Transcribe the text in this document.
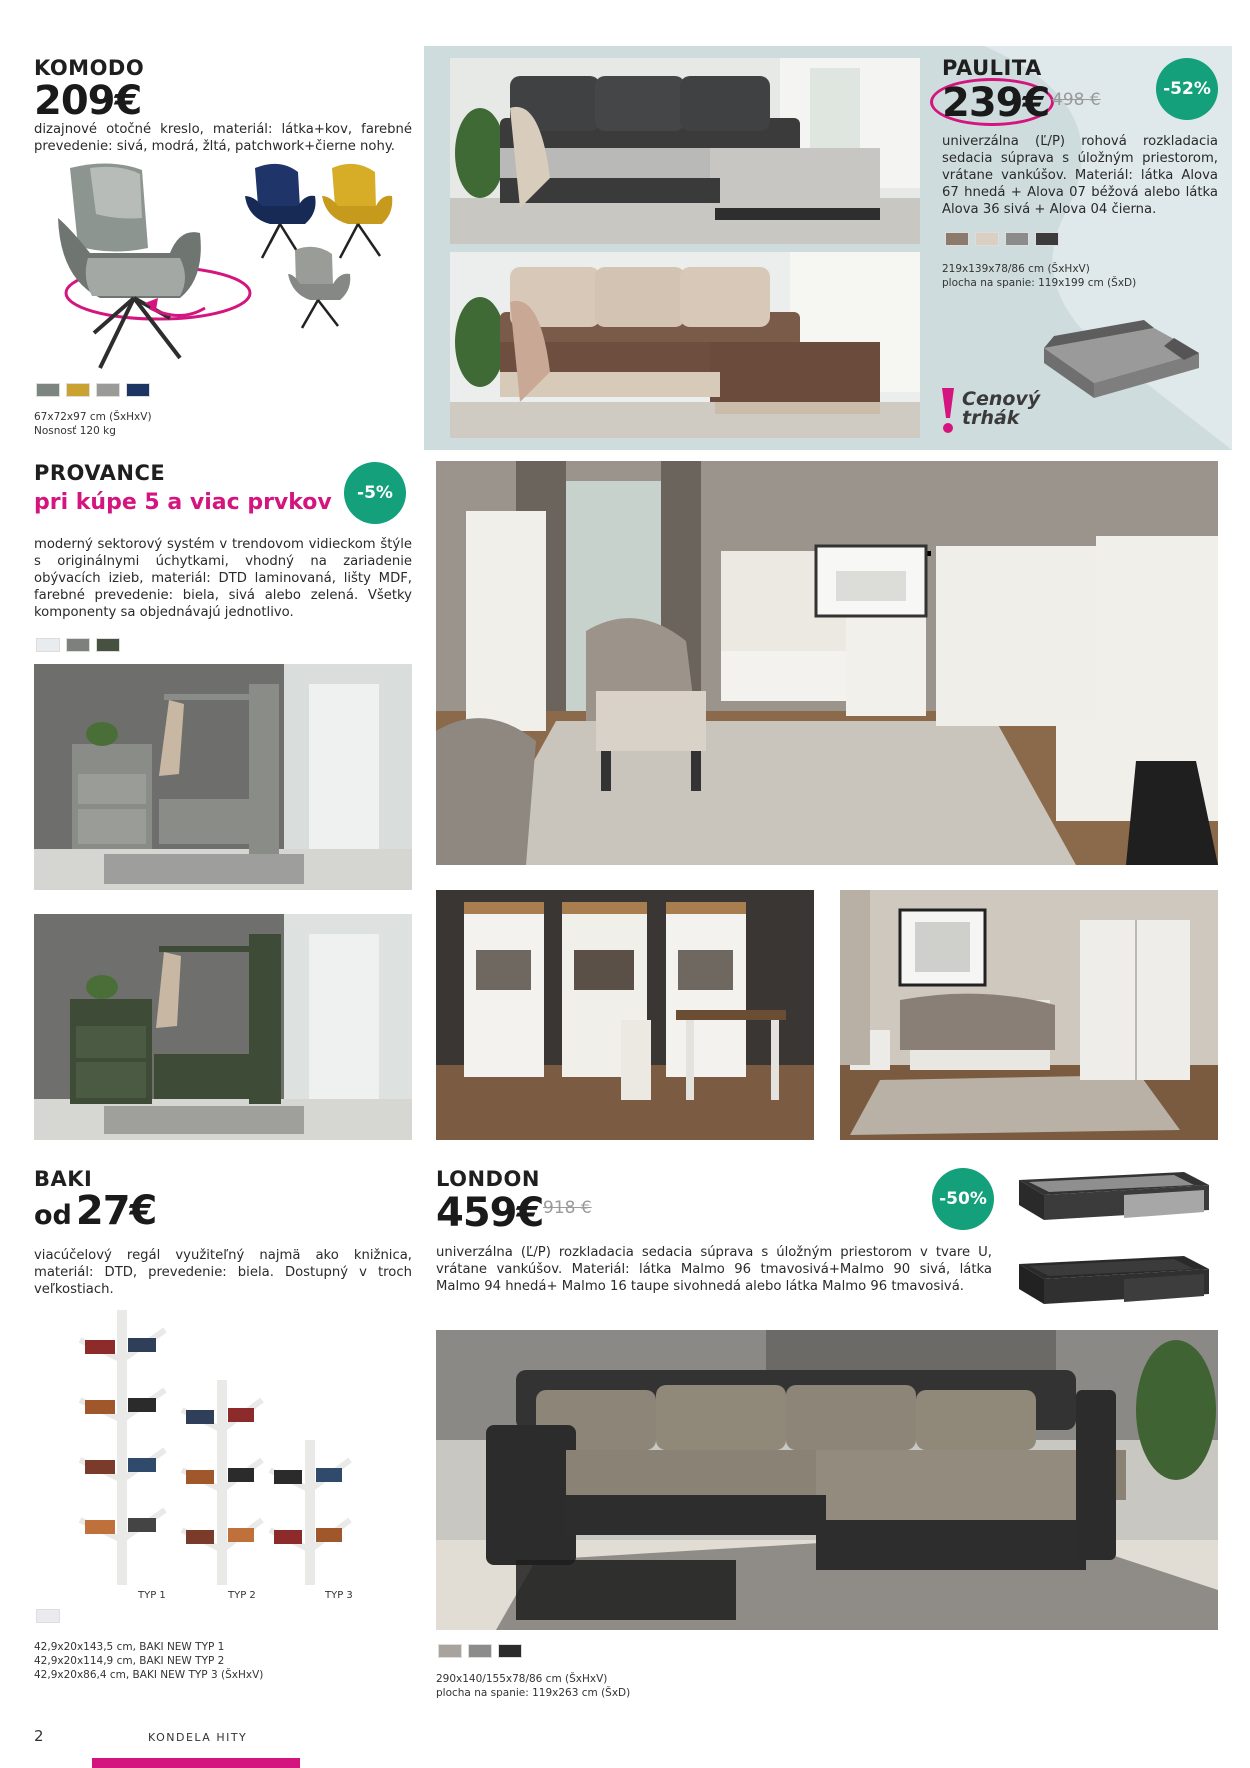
KOMODO
209€
dizajnové otočné kreslo, materiál: látka+kov, farebné prevedenie: sivá, modrá, žltá, patchwork+čierne nohy.
67x72x97 cm (ŠxHxV)
Nosnosť 120 kg
PAULITA
239€ 498 €
-52%
univerzálna (Ľ/P) rohová rozkladacia sedacia súprava s úložným priestorom, vrátane vankúšov. Materiál: látka Alova 67 hnedá + Alova 07 béžová alebo látka Alova 36 sivá + Alova 04 čierna.
219x139x78/86 cm (ŠxHxV)
plocha na spanie: 119x199 cm (ŠxD)
Cenový
trhák
PROVANCE
pri kúpe 5 a viac prvkov	-5%
moderný sektorový systém v trendovom vidieckom štýle s originálnymi úchytkami, vhodný na zariadenie obývacích izieb, materiál: DTD laminovaná, lišty MDF, farebné prevedenie: biela, sivá alebo zelená. Všetky komponenty sa objednávajú jednotlivo.
BAKI
od 27€
viacúčelový regál využiteľný najmä ako knižnica, materiál: DTD, prevedenie: biela. Dostupný v troch veľkostiach.
TYP 1	TYP 2	TYP 3
42,9x20x143,5 cm, BAKI NEW TYP 1
42,9x20x114,9 cm, BAKI NEW TYP 2
42,9x20x86,4 cm, BAKI NEW TYP 3 (ŠxHxV)
LONDON
459€ 918 €	-50%
univerzálna (Ľ/P) rozkladacia sedacia súprava s úložným priestorom v tvare U, vrátane vankúšov. Materiál: látka Malmo 96 tmavosivá+Malmo 90 sivá, látka Malmo 94 hnedá+ Malmo 16 taupe sivohnedá alebo látka Malmo 96 tmavosivá.
290x140/155x78/86 cm (ŠxHxV)
plocha na spanie: 119x263 cm (ŠxD)
2	KONDELA HITY
